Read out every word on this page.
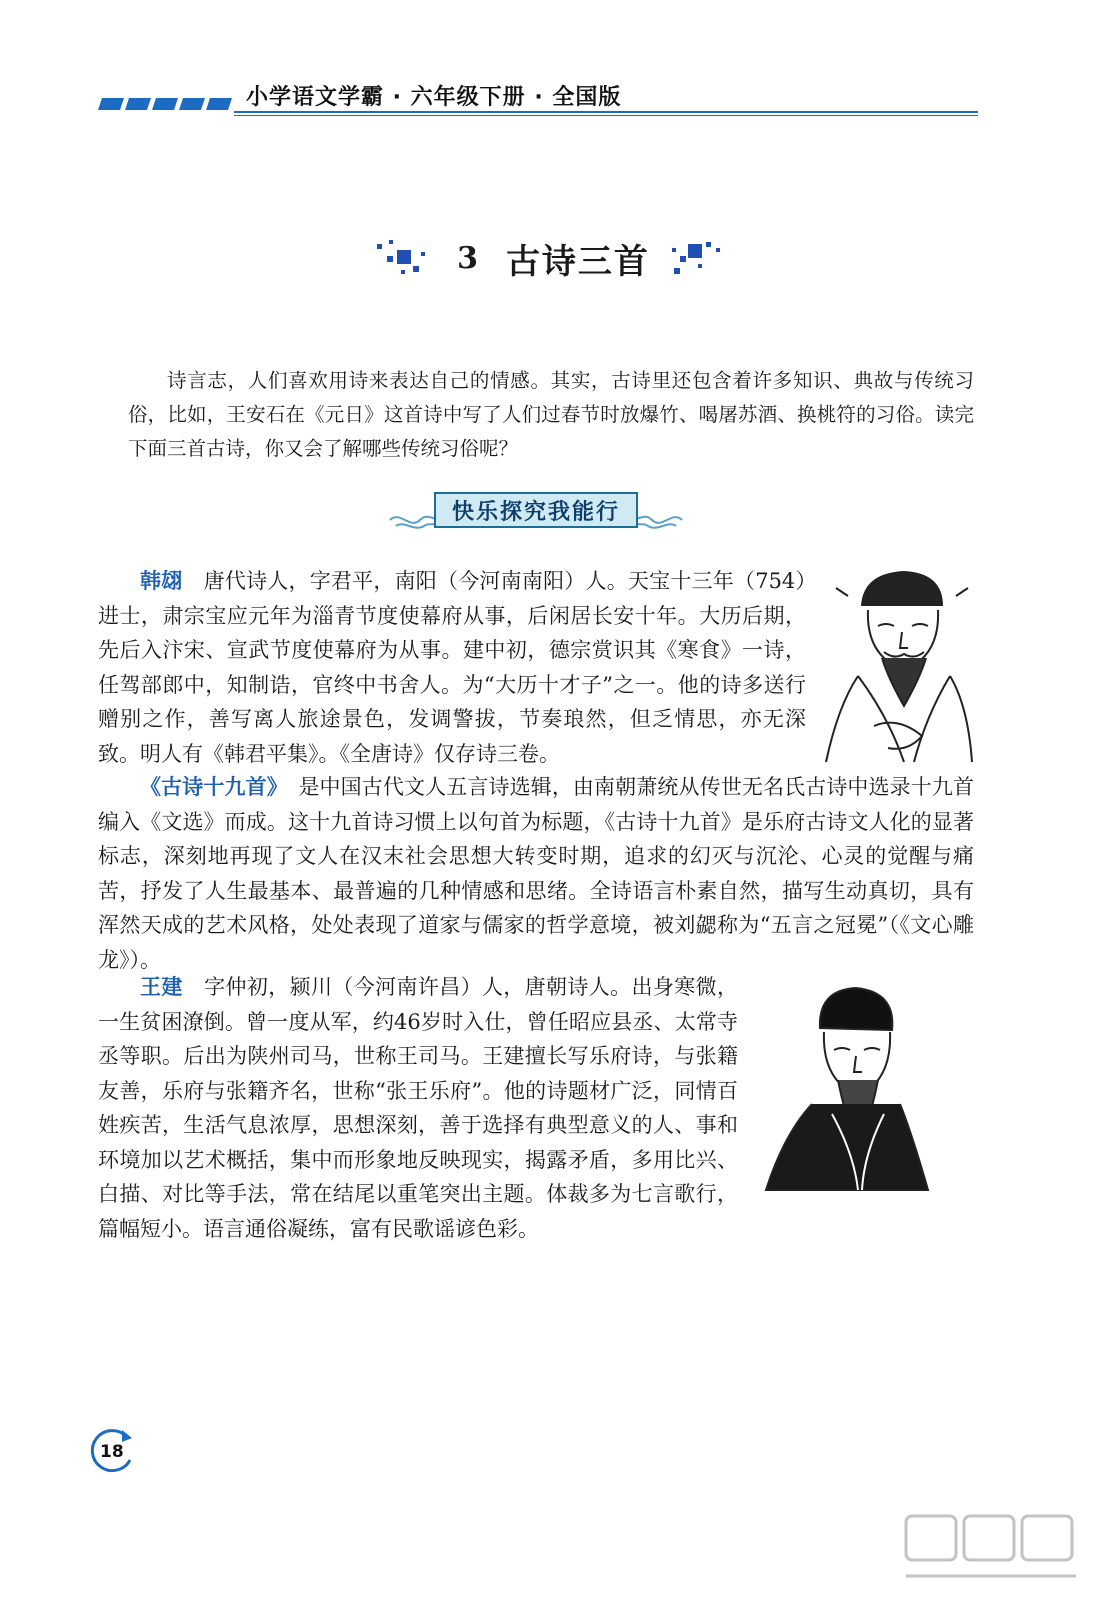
小学语文学霸 · 六年级下册 · 全国版
3 古诗三首

诗言志，人们喜欢用诗来表达自己的情感。其实，古诗里还包含着许多知识、典故与传统习俗，比如，王安石在《元日》这首诗中写了人们过春节时放爆竹、喝屠苏酒、换桃符的习俗。读完下面三首古诗，你又会了解哪些传统习俗呢？

快乐探究我能行

韩翃　 唐代诗人，字君平，南阳（今河南南阳）人。天宝十三年（754）进士，肃宗宝应元年为淄青节度使幕府从事，后闲居长安十年。大历后期，先后入汴宋、宣武节度使幕府为从事。建中初，德宗赏识其《寒食》一诗，任驾部郎中，知制诰，官终中书舍人。为“大历十才子”之一。他的诗多送行赠别之作，善写离人旅途景色，发调警拔，节奏琅然，但乏情思，亦无深致。明人有《韩君平集》。《全唐诗》仅存诗三卷。

《古诗十九首》　 是中国古代文人五言诗选辑，由南朝萧统从传世无名氏古诗中选录十九首编入《文选》而成。这十九首诗习惯上以句首为标题，《古诗十九首》是乐府古诗文人化的显著标志，深刻地再现了文人在汉末社会思想大转变时期，追求的幻灭与沉沦、心灵的觉醒与痛苦，抒发了人生最基本、最普遍的几种情感和思绪。全诗语言朴素自然，描写生动真切，具有浑然天成的艺术风格，处处表现了道家与儒家的哲学意境，被刘勰称为“五言之冠冕”（《文心雕龙》）。

王建　 字仲初，颍川（今河南许昌）人，唐朝诗人。出身寒微，一生贫困潦倒。曾一度从军，约46岁时入仕，曾任昭应县丞、太常寺丞等职。后出为陕州司马，世称王司马。王建擅长写乐府诗，与张籍友善，乐府与张籍齐名，世称“张王乐府”。他的诗题材广泛，同情百姓疾苦，生活气息浓厚，思想深刻，善于选择有典型意义的人、事和环境加以艺术概括，集中而形象地反映现实，揭露矛盾，多用比兴、白描、对比等手法，常在结尾以重笔突出主题。体裁多为七言歌行，篇幅短小。语言通俗凝练，富有民歌谣谚色彩。

18
